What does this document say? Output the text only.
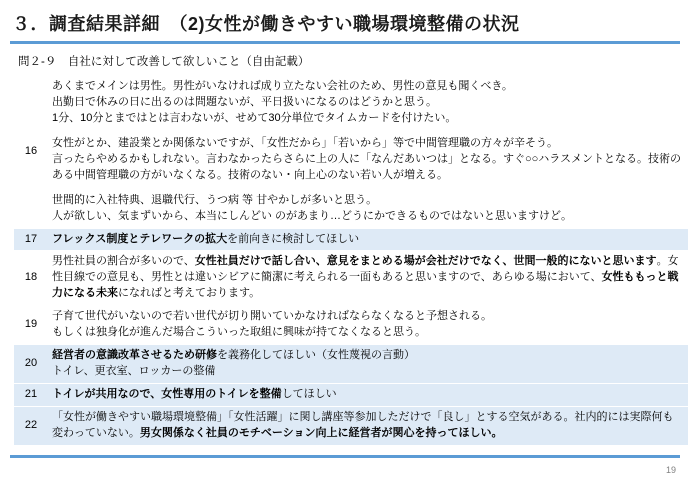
３．調査結果詳細　（2)女性が働きやすい職場環境整備の状況
問２-９　自社に対して改善して欲しいこと（自由記載）
16	
あくまでメインは男性。男性がいなければ成り立たない会社のため、男性の意見も聞くべき。
出勤日で休みの日に出るのは問題ないが、平日扱いになるのはどうかと思う。
1分、10分とまではとは言わないが、せめて30分単位でタイムカードを付けたい。
女性がとか、建設業とか関係ないですが、「女性だから」「若いから」等で中間管理職の方々が辛そう。
言ったらやめるかもしれない。言わなかったらさらに上の人に「なんだあいつは」となる。すぐ○○ハラスメントとなる。技術のある中間管理職の方がいなくなる。技術のない・向上心のない若い人が増える。
世間的に入社特典、退職代行、うつ病 等 甘やかしが多いと思う。
人が欲しい、気まずいから、本当にしんどい のがあまり…どうにかできるものではないと思いますけど。

17	フレックス制度とテレワークの拡大を前向きに検討してほしい

18	男性社員の割合が多いので、女性社員だけで話し合い、意見をまとめる場が会社だけでなく、世間一般的にないと思います。女性目線での意見も、男性とは違いシビアに簡潔に考えられる一面もあると思いますので、あらゆる場において、女性ももっと戦力になる未来になればと考えております。

19	子育て世代がいないので若い世代が切り開いていかなければならなくなると予想される。
もしくは独身化が進んだ場合こういった取組に興味が持てなくなると思う。

20	経営者の意識改革させるため研修を義務化してほしい（女性蔑視の言動）
トイレ、更衣室、ロッカーの整備

21	トイレが共用なので、女性専用のトイレを整備してほしい

22	「女性が働きやすい職場環境整備」「女性活躍」に関し講座等参加しただけで「良し」とする空気がある。社内的には実際何も変わっていない。男女関係なく社員のモチベーション向上に経営者が関心を持ってほしい。
19
